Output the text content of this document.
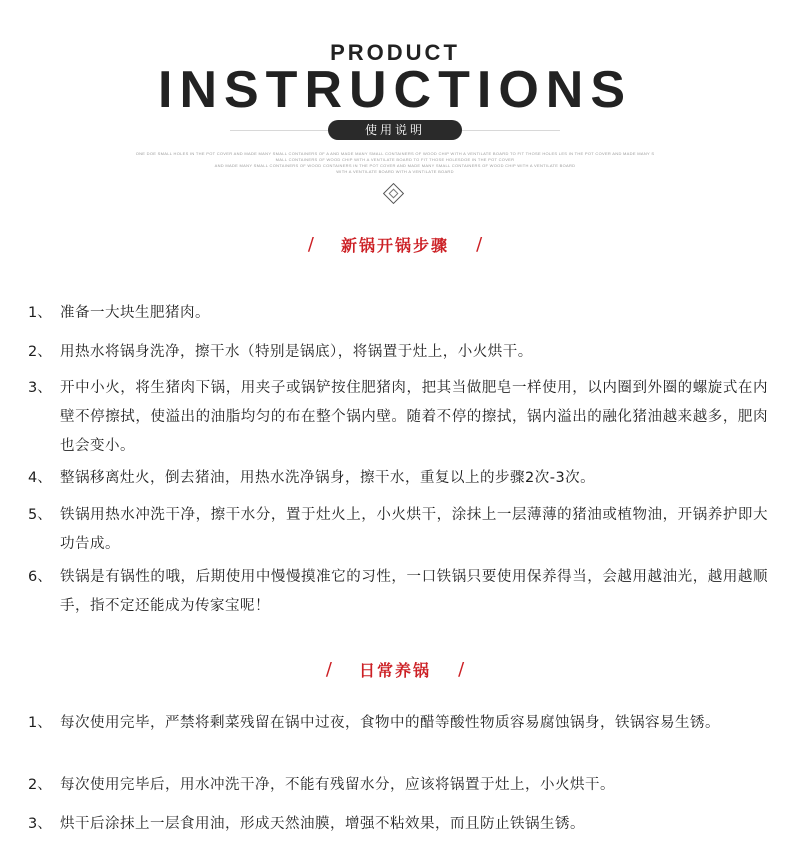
PRODUCT
INSTRUCTIONS
使用说明
ONE DOE SMALL HOLES IN THE POT COVER AND MADE MANY SMALL CONTAINERS OF A AND MADE MANY SMALL CONTAINERS OF WOOD CHIP WITH A VENTILATE BOARD TO FIT THOSE HOLES LES IN THE POT COVER AND MADE MANY S
MALL CONTAINERS OF WOOD CHIP WITH A VENTILATE BOARD TO FIT THOSE HOLESDOE IN THE POT COVER
AND MADE MANY SMALL CONTAINERS OF WOOD CONTAINERS IN THE POT COVER AND MADE MANY SMALL CONTAINERS OF WOOD CHIP WITH A VENTILATE BOARD
WITH A VENTILATE BOARD WITH A VENTILATE BOARD
/ 新锅开锅步骤 /
1、 准备一大块生肥猪肉。
2、 用热水将锅身洗净，擦干水（特别是锅底），将锅置于灶上，小火烘干。
3、 开中小火，将生猪肉下锅，用夹子或锅铲按住肥猪肉，把其当做肥皂一样使用，以内圈到外圈的螺旋式在内壁不停擦拭，使溢出的油脂均匀的布在整个锅内壁。随着不停的擦拭，锅内溢出的融化猪油越来越多，肥肉也会变小。
4、 整锅移离灶火，倒去猪油，用热水洗净锅身，擦干水，重复以上的步骤2次-3次。
5、 铁锅用热水冲洗干净，擦干水分，置于灶火上，小火烘干，涂抹上一层薄薄的猪油或植物油，开锅养护即大功告成。
6、 铁锅是有锅性的哦，后期使用中慢慢摸准它的习性，一口铁锅只要使用保养得当，会越用越油光，越用越顺手，指不定还能成为传家宝呢！
/ 日常养锅 /
1、 每次使用完毕，严禁将剩菜残留在锅中过夜，食物中的醋等酸性物质容易腐蚀锅身，铁锅容易生锈。
2、 每次使用完毕后，用水冲洗干净，不能有残留水分，应该将锅置于灶上，小火烘干。
3、 烘干后涂抹上一层食用油，形成天然油膜，增强不粘效果，而且防止铁锅生锈。
